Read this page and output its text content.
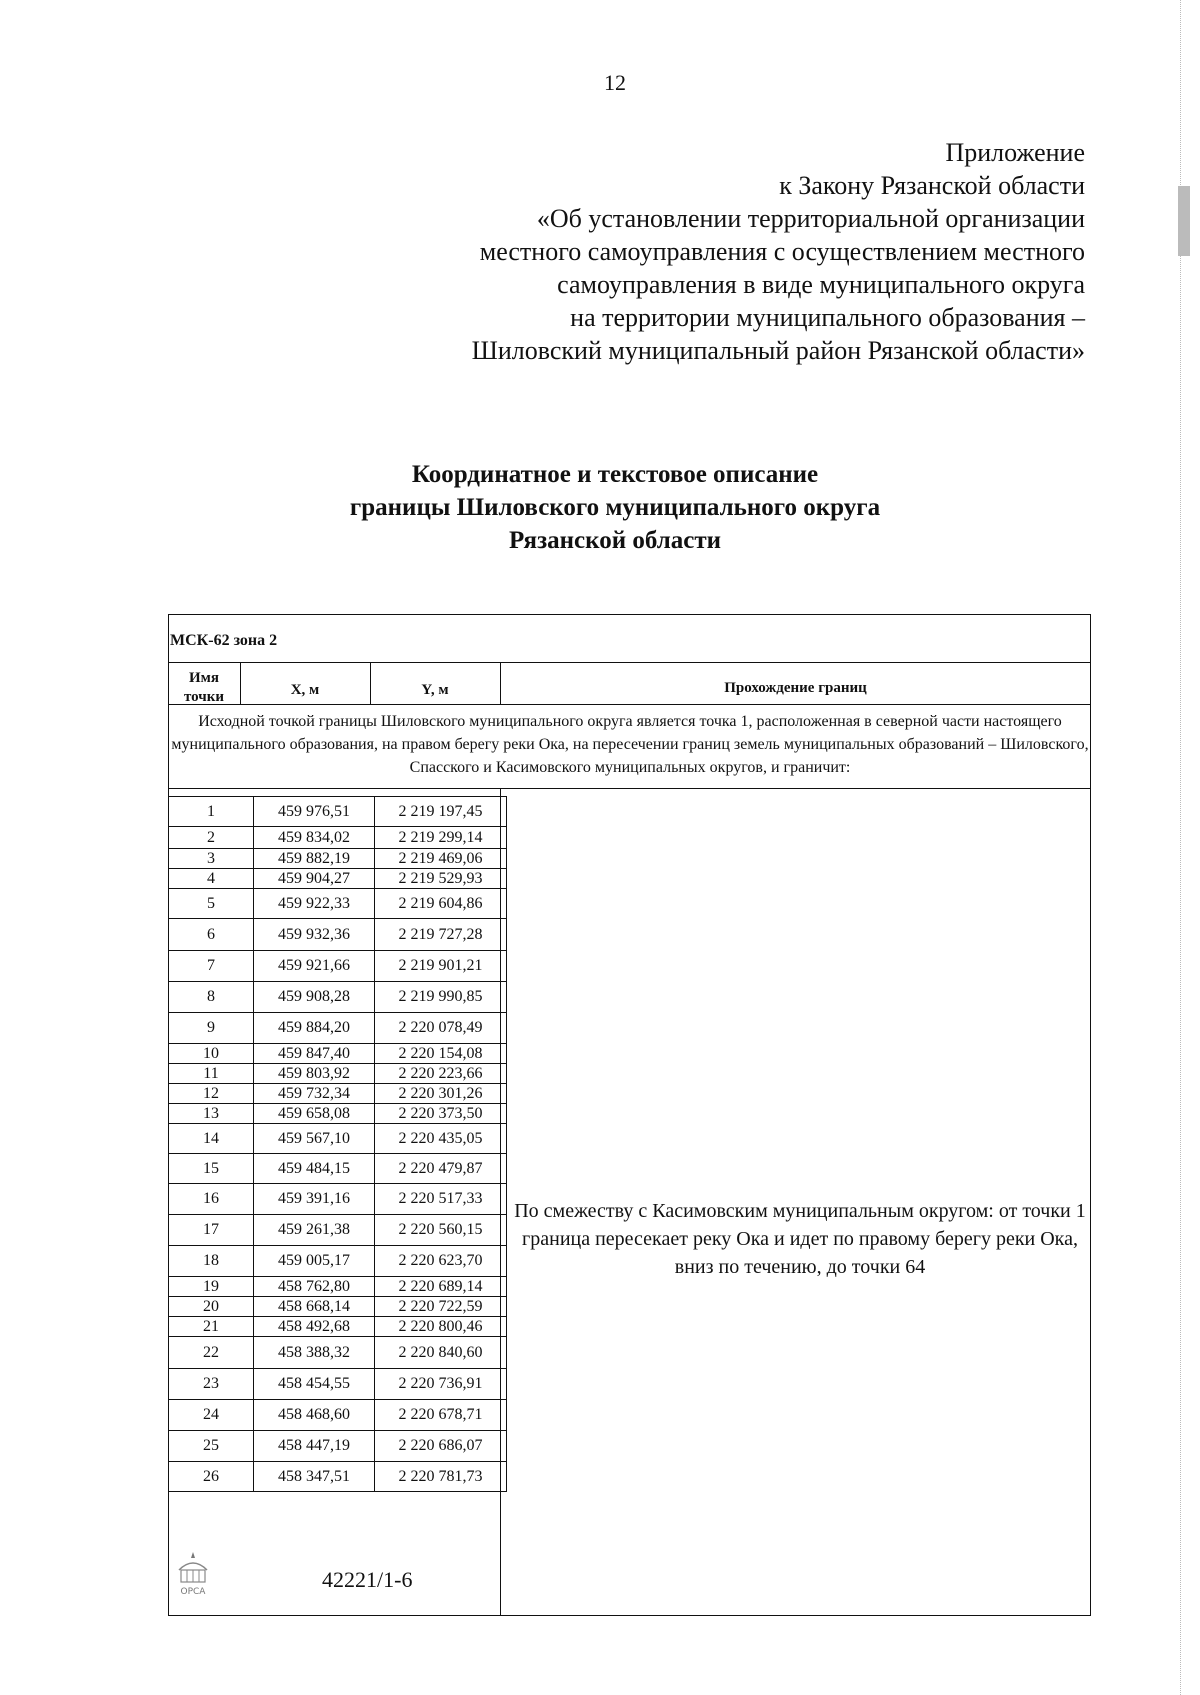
12
Приложение
к Закону Рязанской области
«Об установлении территориальной организации
местного самоуправления с осуществлением местного
самоуправления в виде муниципального округа
на территории муниципального образования –
Шиловский муниципальный район Рязанской области»
Координатное и текстовое описание
границы Шиловского муниципального округа
Рязанской области
МСК-62 зона 2
Имя
точки	X, м	Y, м	Прохождение границ
Исходной точкой границы Шиловского муниципального округа является точка 1, расположенная в северной части настоящего муниципального образования, на правом берегу реки Ока, на пересечении границ земель муниципальных образований – Шиловского, Спасского и Касимовского муниципальных округов, и граничит:
1	459 976,51	2 219 197,45
2	459 834,02	2 219 299,14
3	459 882,19	2 219 469,06
4	459 904,27	2 219 529,93
5	459 922,33	2 219 604,86
6	459 932,36	2 219 727,28
7	459 921,66	2 219 901,21
8	459 908,28	2 219 990,85
9	459 884,20	2 220 078,49
10	459 847,40	2 220 154,08
11	459 803,92	2 220 223,66
12	459 732,34	2 220 301,26
13	459 658,08	2 220 373,50
14	459 567,10	2 220 435,05
15	459 484,15	2 220 479,87
16	459 391,16	2 220 517,33
17	459 261,38	2 220 560,15
18	459 005,17	2 220 623,70
19	458 762,80	2 220 689,14
20	458 668,14	2 220 722,59
21	458 492,68	2 220 800,46
22	458 388,32	2 220 840,60
23	458 454,55	2 220 736,91
24	458 468,60	2 220 678,71
25	458 447,19	2 220 686,07
26	458 347,51	2 220 781,73
По смежеству с Касимовским муниципальным округом: от точки 1 граница пересекает реку Ока и идет по правому берегу реки Ока, вниз по течению, до точки 64
ОРСА	42221/1-6
